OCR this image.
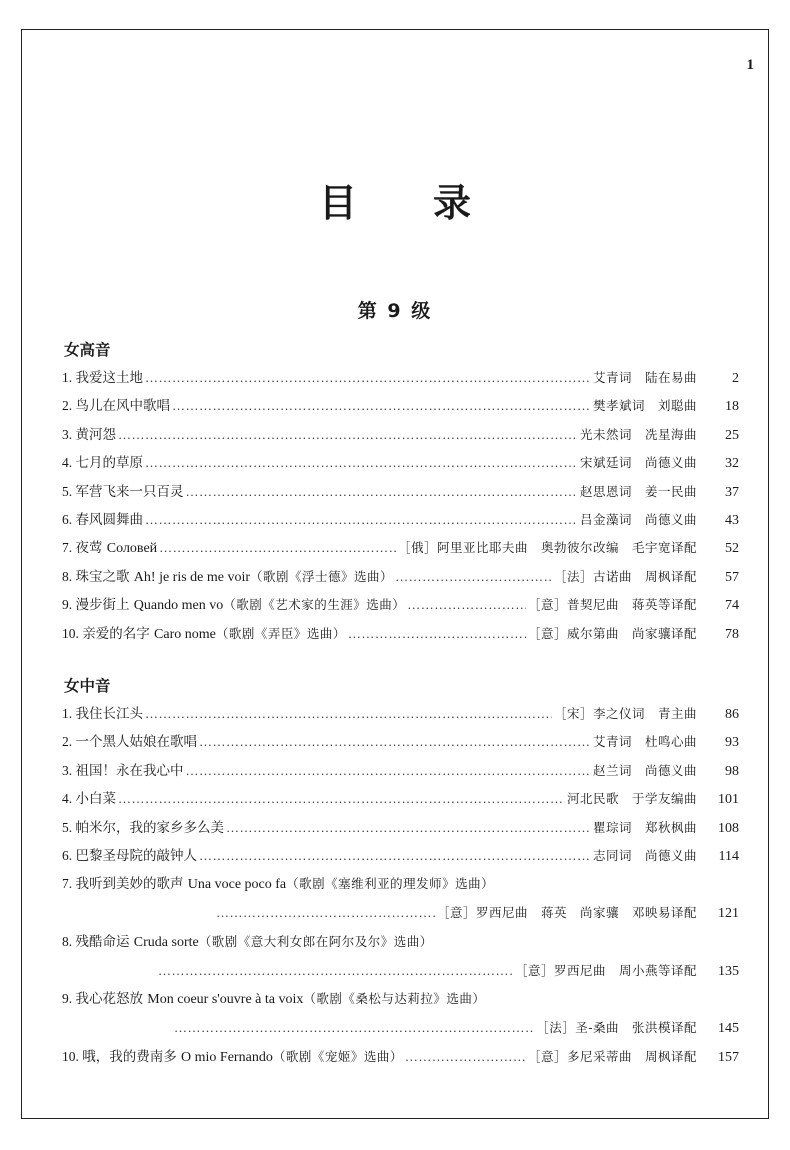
1
目 录
第 9 级
女高音
1. 我爱这土地 ……………………………………………………………………………………………………………………………………………………………………………………………………………………………………………………………………………………………………	艾青词　陆在易曲	2
2. 鸟儿在风中歌唱 ……………………………………………………………………………………………………………………………………………………………………………………………………………………………………………………………………………………………………	樊孝斌词　刘聪曲	18
3. 黄河怨 ……………………………………………………………………………………………………………………………………………………………………………………………………………………………………………………………………………………………………	光未然词　冼星海曲	25
4. 七月的草原 ……………………………………………………………………………………………………………………………………………………………………………………………………………………………………………………………………………………………………	宋斌廷词　尚德义曲	32
5. 军营飞来一只百灵 ……………………………………………………………………………………………………………………………………………………………………………………………………………………………………………………………………………………………………	赵思恩词　姜一民曲	37
6. 春风圆舞曲 ……………………………………………………………………………………………………………………………………………………………………………………………………………………………………………………………………………………………………	吕金藻词　尚德义曲	43
7. 夜莺 Соловей ……………………………………………………………………………………………………………………………………………………………………………………………………………………………………………………………………………………………………	［俄］阿里亚比耶夫曲　奥勃彼尔改编　毛宇宽译配	52
8. 珠宝之歌 Ah! je ris de me voir（歌剧《浮士德》选曲） ……………………………………………………………………………………………………………………………………………………………………………………………………………………………………………………………………………………………………	［法］古诺曲　周枫译配	57
9. 漫步街上 Quando men vo（歌剧《艺术家的生涯》选曲） ……………………………………………………………………………………………………………………………………………………………………………………………………………………………………………………………………………………………………	［意］普契尼曲　蒋英等译配	74
10. 亲爱的名字 Caro nome（歌剧《弄臣》选曲） ……………………………………………………………………………………………………………………………………………………………………………………………………………………………………………………………………………………………………	［意］威尔第曲　尚家骧译配	78
女中音
1. 我住长江头 ……………………………………………………………………………………………………………………………………………………………………………………………………………………………………………………………………………………………………	［宋］李之仪词　青主曲	86
2. 一个黑人姑娘在歌唱 ……………………………………………………………………………………………………………………………………………………………………………………………………………………………………………………………………………………………………	艾青词　杜鸣心曲	93
3. 祖国！永在我心中 ……………………………………………………………………………………………………………………………………………………………………………………………………………………………………………………………………………………………………	赵兰词　尚德义曲	98
4. 小白菜 ……………………………………………………………………………………………………………………………………………………………………………………………………………………………………………………………………………………………………	河北民歌　于学友编曲	101
5. 帕米尔，我的家乡多么美 ……………………………………………………………………………………………………………………………………………………………………………………………………………………………………………………………………………………………………	瞿琮词　郑秋枫曲	108
6. 巴黎圣母院的敲钟人 ……………………………………………………………………………………………………………………………………………………………………………………………………………………………………………………………………………………………………	志同词　尚德义曲	114
7. 我听到美妙的歌声 Una voce poco fa（歌剧《塞维利亚的理发师》选曲）
……………………………………………………………………………………………………………………………………………………………………………………………………………………………………………………………………………………………………
［意］罗西尼曲　蒋英　尚家骧　邓映易译配	121
8. 残酷命运 Cruda sorte（歌剧《意大利女郎在阿尔及尔》选曲）
……………………………………………………………………………………………………………………………………………………………………………………………………………………………………………………………………………………………………
［意］罗西尼曲　周小燕等译配	135
9. 我心花怒放 Mon coeur s'ouvre à ta voix（歌剧《桑松与达莉拉》选曲）
……………………………………………………………………………………………………………………………………………………………………………………………………………………………………………………………………………………………………
［法］圣-桑曲　张洪模译配	145
10. 哦，我的费南多 O mio Fernando（歌剧《宠姬》选曲） ……………………………………………………………………………………………………………………………………………………………………………………………………………………………………………………………………………………………………	［意］多尼采蒂曲　周枫译配	157
